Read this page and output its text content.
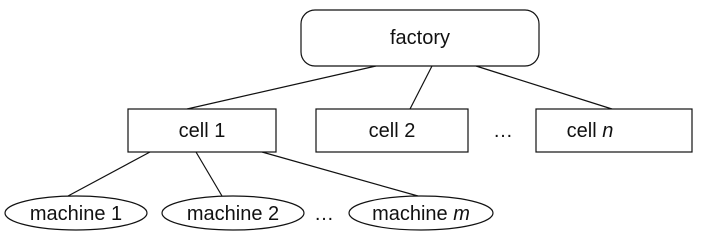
factory
cell 1	cell 2	…	cell n
machine 1	machine 2 … machine m
